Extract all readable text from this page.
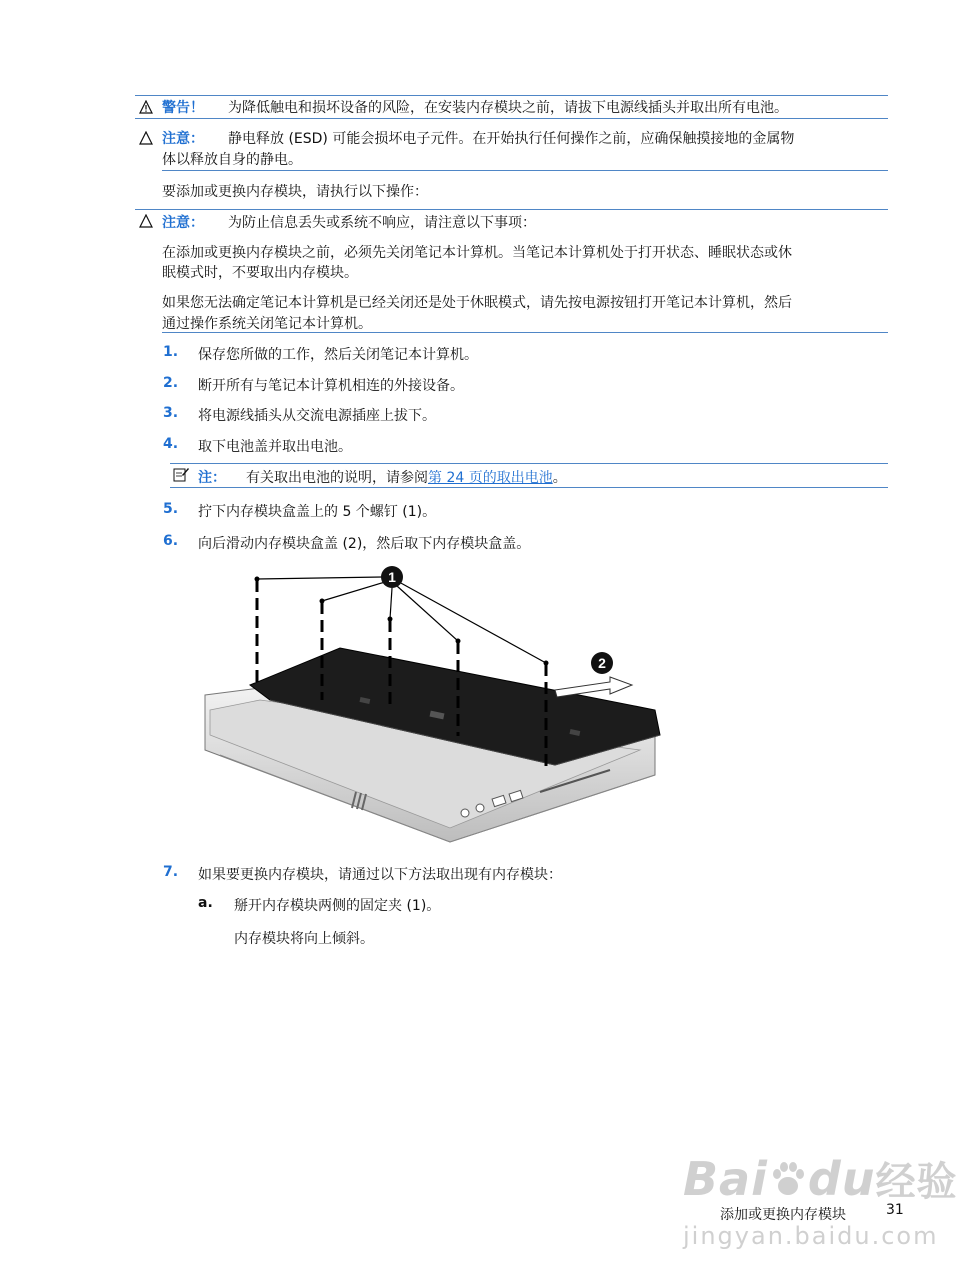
警告！ 为降低触电和损坏设备的风险，在安装内存模块之前，请拔下电源线插头并取出所有电池。
注意： 静电释放 (ESD) 可能会损坏电子元件。在开始执行任何操作之前，应确保触摸接地的金属物
体以释放自身的静电。
要添加或更换内存模块，请执行以下操作：
注意： 为防止信息丢失或系统不响应，请注意以下事项：
在添加或更换内存模块之前，必须先关闭笔记本计算机。当笔记本计算机处于打开状态、睡眠状态或休
眠模式时，不要取出内存模块。
如果您无法确定笔记本计算机是已经关闭还是处于休眠模式，请先按电源按钮打开笔记本计算机，然后
通过操作系统关闭笔记本计算机。
1. 保存您所做的工作，然后关闭笔记本计算机。
2. 断开所有与笔记本计算机相连的外接设备。
3. 将电源线插头从交流电源插座上拔下。
4. 取下电池盖并取出电池。
注： 有关取出电池的说明，请参阅第 24 页的取出电池。
5. 拧下内存模块盒盖上的 5 个螺钉 (1)。
6. 向后滑动内存模块盒盖 (2)，然后取下内存模块盒盖。
1
2
7. 如果要更换内存模块，请通过以下方法取出现有内存模块：
a. 掰开内存模块两侧的固定夹 (1)。
内存模块将向上倾斜。
Bai du经验
jingyan.baidu.com
添加或更换内存模块	31
